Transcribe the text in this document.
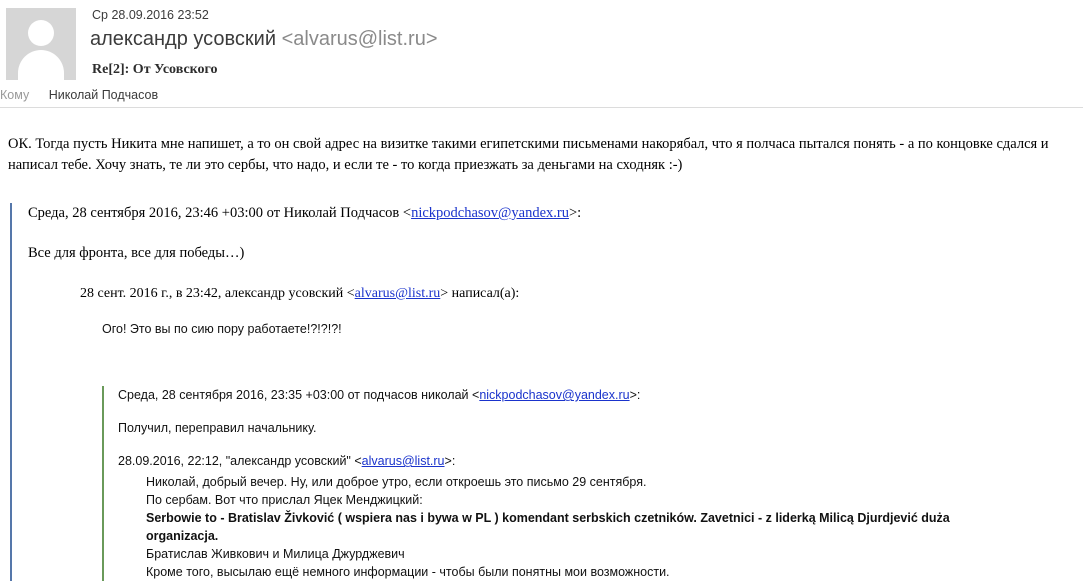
Ср 28.09.2016 23:52
александр усовский <alvarus@list.ru>
Re[2]: От Усовского
Кому Николай Подчасов
ОК. Тогда пусть Никита мне напишет, а то он свой адрес на визитке такими египетскими письменами накорябал, что я полчаса пытался понять - а по концовке сдался и написал тебе. Хочу знать, те ли это сербы, что надо, и если те - то когда приезжать за деньгами на сходняк :-)
Среда, 28 сентября 2016, 23:46 +03:00 от Николай Подчасов <nickpodchasov@yandex.ru>:
Все для фронта, все для победы…)
28 сент. 2016 г., в 23:42, александр усовский <alvarus@list.ru> написал(а):
Ого! Это вы по сию пору работаете!?!?!?!
Среда, 28 сентября 2016, 23:35 +03:00 от подчасов николай <nickpodchasov@yandex.ru>:
Получил, переправил начальнику.
28.09.2016, 22:12, "александр усовский" <alvarus@list.ru>:
Николай, добрый вечер. Ну, или доброе утро, если откроешь это письмо 29 сентября.
По сербам. Вот что прислал Яцек Менджицкий:
Serbowie to - Bratislav Živković ( wspiera nas i bywa w PL ) komendant serbskich czetników. Zavetnici - z liderką Milicą Djurdjević duża
organizacja.
Братислав Живкович и Милица Джурджевич
Кроме того, высылаю ещё немного информации - чтобы были понятны мои возможности.
